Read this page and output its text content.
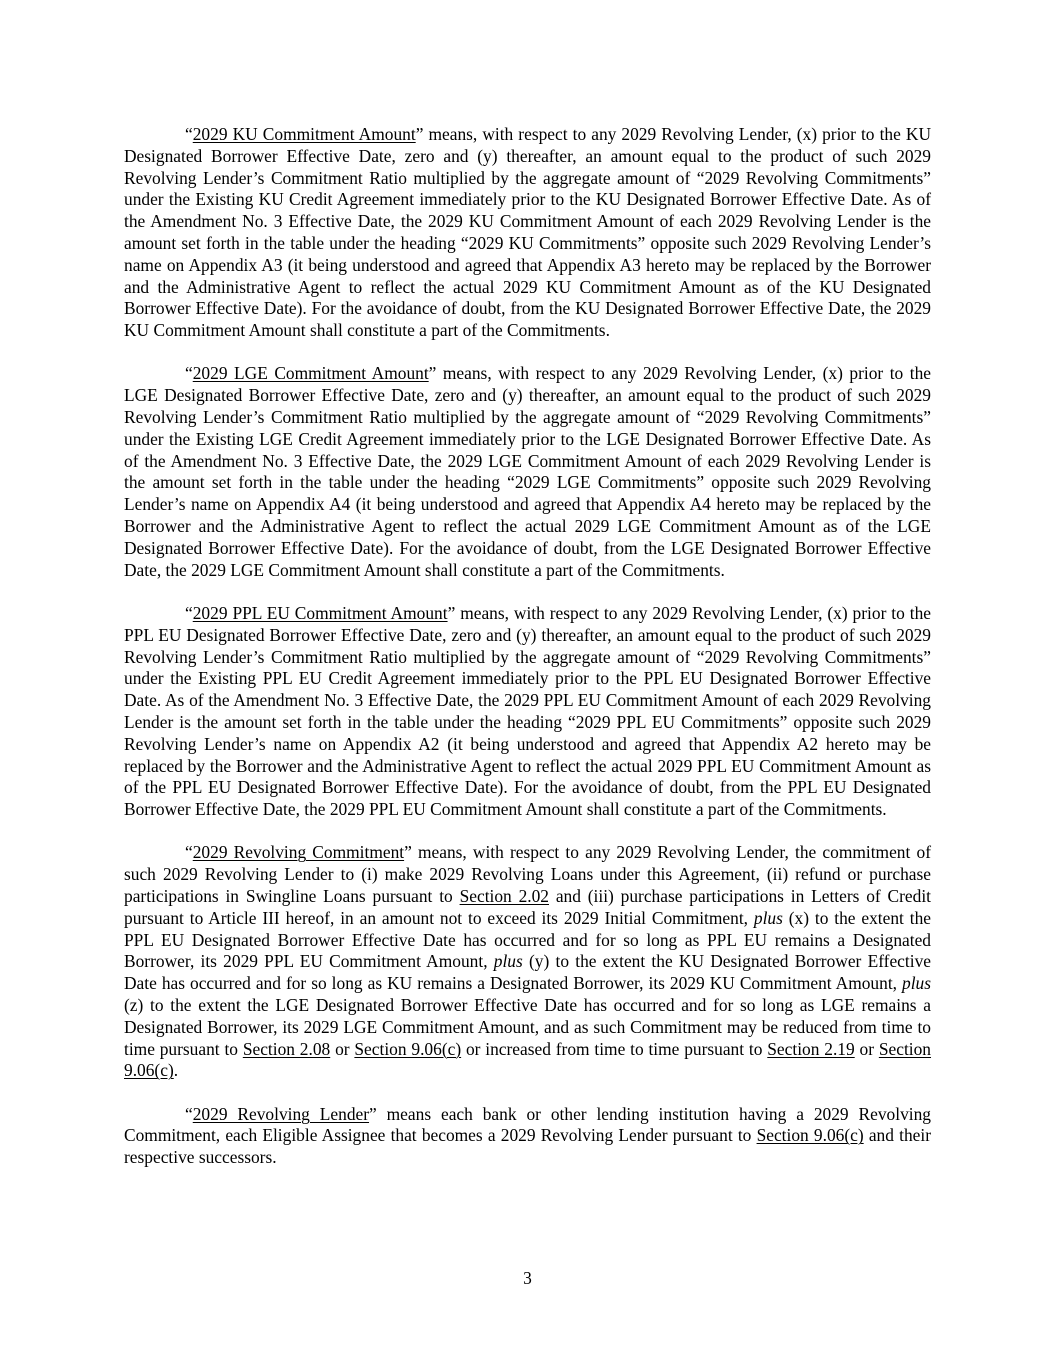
“2029 KU Commitment Amount” means, with respect to any 2029 Revolving Lender, (x) prior to the KU Designated Borrower Effective Date, zero and (y) thereafter, an amount equal to the product of such 2029 Revolving Lender’s Commitment Ratio multiplied by the aggregate amount of “2029 Revolving Commitments” under the Existing KU Credit Agreement immediately prior to the KU Designated Borrower Effective Date. As of the Amendment No. 3 Effective Date, the 2029 KU Commitment Amount of each 2029 Revolving Lender is the amount set forth in the table under the heading “2029 KU Commitments” opposite such 2029 Revolving Lender’s name on Appendix A3 (it being understood and agreed that Appendix A3 hereto may be replaced by the Borrower and the Administrative Agent to reflect the actual 2029 KU Commitment Amount as of the KU Designated Borrower Effective Date). For the avoidance of doubt, from the KU Designated Borrower Effective Date, the 2029 KU Commitment Amount shall constitute a part of the Commitments.

“2029 LGE Commitment Amount” means, with respect to any 2029 Revolving Lender, (x) prior to the LGE Designated Borrower Effective Date, zero and (y) thereafter, an amount equal to the product of such 2029 Revolving Lender’s Commitment Ratio multiplied by the aggregate amount of “2029 Revolving Commitments” under the Existing LGE Credit Agreement immediately prior to the LGE Designated Borrower Effective Date. As of the Amendment No. 3 Effective Date, the 2029 LGE Commitment Amount of each 2029 Revolving Lender is the amount set forth in the table under the heading “2029 LGE Commitments” opposite such 2029 Revolving Lender’s name on Appendix A4 (it being understood and agreed that Appendix A4 hereto may be replaced by the Borrower and the Administrative Agent to reflect the actual 2029 LGE Commitment Amount as of the LGE Designated Borrower Effective Date). For the avoidance of doubt, from the LGE Designated Borrower Effective Date, the 2029 LGE Commitment Amount shall constitute a part of the Commitments.

“2029 PPL EU Commitment Amount” means, with respect to any 2029 Revolving Lender, (x) prior to the PPL EU Designated Borrower Effective Date, zero and (y) thereafter, an amount equal to the product of such 2029 Revolving Lender’s Commitment Ratio multiplied by the aggregate amount of “2029 Revolving Commitments” under the Existing PPL EU Credit Agreement immediately prior to the PPL EU Designated Borrower Effective Date. As of the Amendment No. 3 Effective Date, the 2029 PPL EU Commitment Amount of each 2029 Revolving Lender is the amount set forth in the table under the heading “2029 PPL EU Commitments” opposite such 2029 Revolving Lender’s name on Appendix A2 (it being understood and agreed that Appendix A2 hereto may be replaced by the Borrower and the Administrative Agent to reflect the actual 2029 PPL EU Commitment Amount as of the PPL EU Designated Borrower Effective Date). For the avoidance of doubt, from the PPL EU Designated Borrower Effective Date, the 2029 PPL EU Commitment Amount shall constitute a part of the Commitments.

“2029 Revolving Commitment” means, with respect to any 2029 Revolving Lender, the commitment of such 2029 Revolving Lender to (i) make 2029 Revolving Loans under this Agreement, (ii) refund or purchase participations in Swingline Loans pursuant to Section 2.02 and (iii) purchase participations in Letters of Credit pursuant to Article III hereof, in an amount not to exceed its 2029 Initial Commitment, plus (x) to the extent the PPL EU Designated Borrower Effective Date has occurred and for so long as PPL EU remains a Designated Borrower, its 2029 PPL EU Commitment Amount, plus (y) to the extent the KU Designated Borrower Effective Date has occurred and for so long as KU remains a Designated Borrower, its 2029 KU Commitment Amount, plus (z) to the extent the LGE Designated Borrower Effective Date has occurred and for so long as LGE remains a Designated Borrower, its 2029 LGE Commitment Amount, and as such Commitment may be reduced from time to time pursuant to Section 2.08 or Section 9.06(c) or increased from time to time pursuant to Section 2.19 or Section 9.06(c).

“2029 Revolving Lender” means each bank or other lending institution having a 2029 Revolving Commitment, each Eligible Assignee that becomes a 2029 Revolving Lender pursuant to Section 9.06(c) and their respective successors.

3
